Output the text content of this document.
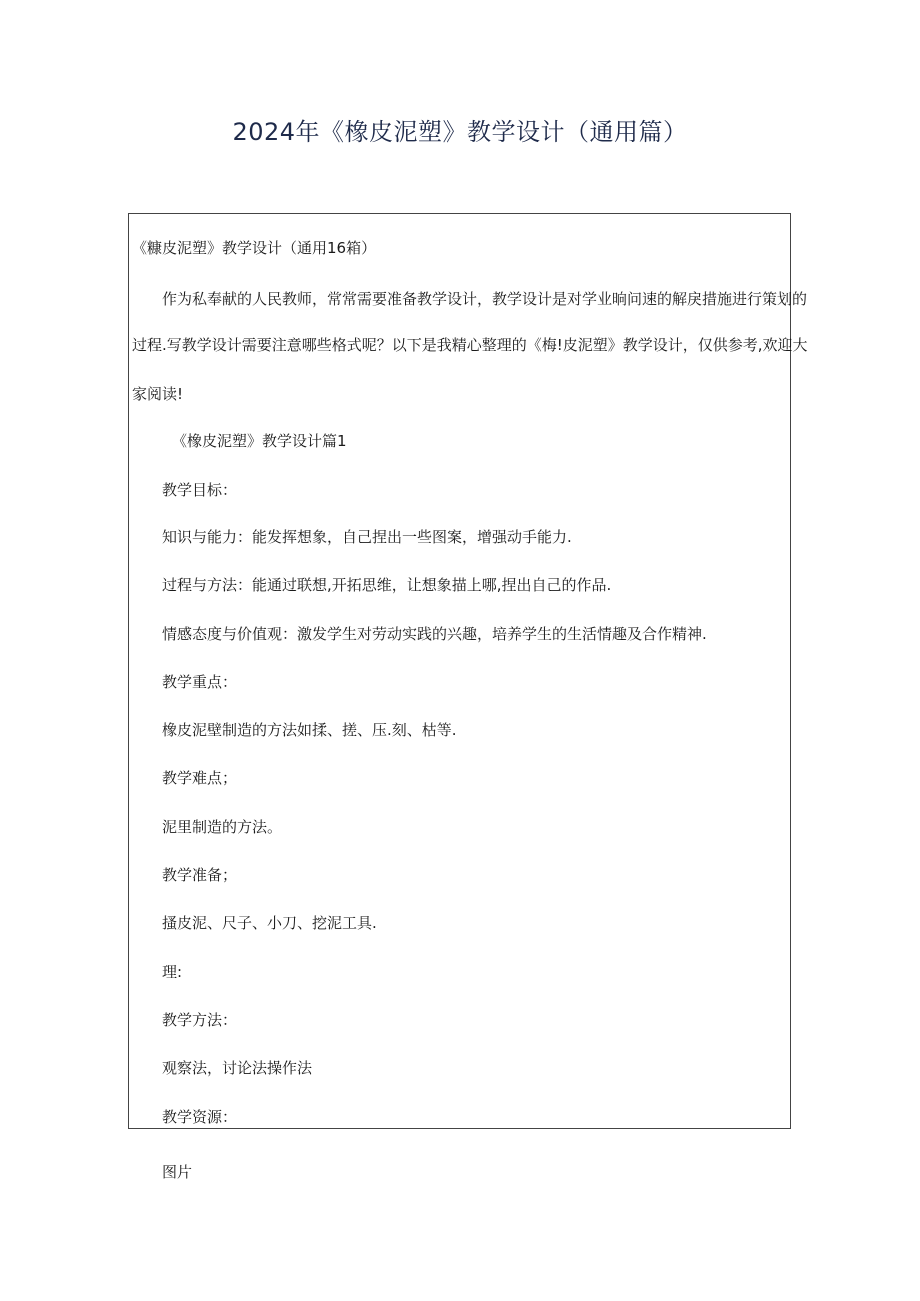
2024年《橡皮泥塑》教学设计（通用篇）
《糠皮泥塑》教学设计（通用16箱）
作为私奉献的人民教师，常常需要准备教学设计，教学设计是对学业晌问速的解戾措施进行策划的
过程.写教学设计需要注意哪些格式呢？以下是我精心整理的《梅!皮泥塑》教学设计，仅供参考,欢迎大
家阅读!
《橡皮泥塑》教学设计篇1
教学目标：
知识与能力：能发挥想象，自己捏出一些图案，增强动手能力.
过程与方法：能通过联想,开拓思维，让想象描上哪,捏出自己的作品.
情感态度与价值观：激发学生对劳动实践的兴趣，培养学生的生活情趣及合作精神.
教学重点：
橡皮泥壁制造的方法如揉、搓、压.刻、枯等.
教学难点；
泥里制造的方法。
教学准备；
搔皮泥、尺子、小刀、挖泥工具.
理:
教学方法：
观察法，讨论法操作法
教学资源：
图片
